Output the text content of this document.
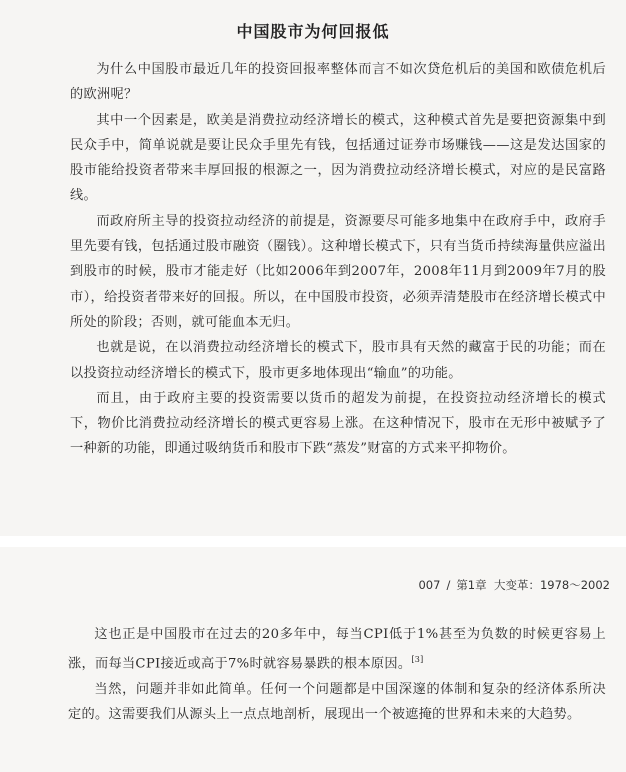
中国股市为何回报低

为什么中国股市最近几年的投资回报率整体而言不如次贷危机后的美国和欧债危机后的欧洲呢？

其中一个因素是，欧美是消费拉动经济增长的模式，这种模式首先是要把资源集中到民众手中，简单说就是要让民众手里先有钱，包括通过证券市场赚钱——这是发达国家的股市能给投资者带来丰厚回报的根源之一，因为消费拉动经济增长模式，对应的是民富路线。

而政府所主导的投资拉动经济的前提是，资源要尽可能多地集中在政府手中，政府手里先要有钱，包括通过股市融资（圈钱）。这种增长模式下，只有当货币持续海量供应溢出到股市的时候，股市才能走好（比如2006年到2007年，2008年11月到2009年7月的股市），给投资者带来好的回报。所以，在中国股市投资，必须弄清楚股市在经济增长模式中所处的阶段；否则，就可能血本无归。

也就是说，在以消费拉动经济增长的模式下，股市具有天然的藏富于民的功能；而在以投资拉动经济增长的模式下，股市更多地体现出“输血”的功能。

而且，由于政府主要的投资需要以货币的超发为前提，在投资拉动经济增长的模式下，物价比消费拉动经济增长的模式更容易上涨。在这种情况下，股市在无形中被赋予了一种新的功能，即通过吸纳货币和股市下跌“蒸发”财富的方式来平抑物价。

007 / 第1章 大变革：1978～2002

这也正是中国股市在过去的20多年中，每当CPI低于1%甚至为负数的时候更容易上涨，而每当CPI接近或高于7%时就容易暴跌的根本原因。[3]

当然，问题并非如此简单。任何一个问题都是中国深邃的体制和复杂的经济体系所决定的。这需要我们从源头上一点点地剖析，展现出一个被遮掩的世界和未来的大趋势。
